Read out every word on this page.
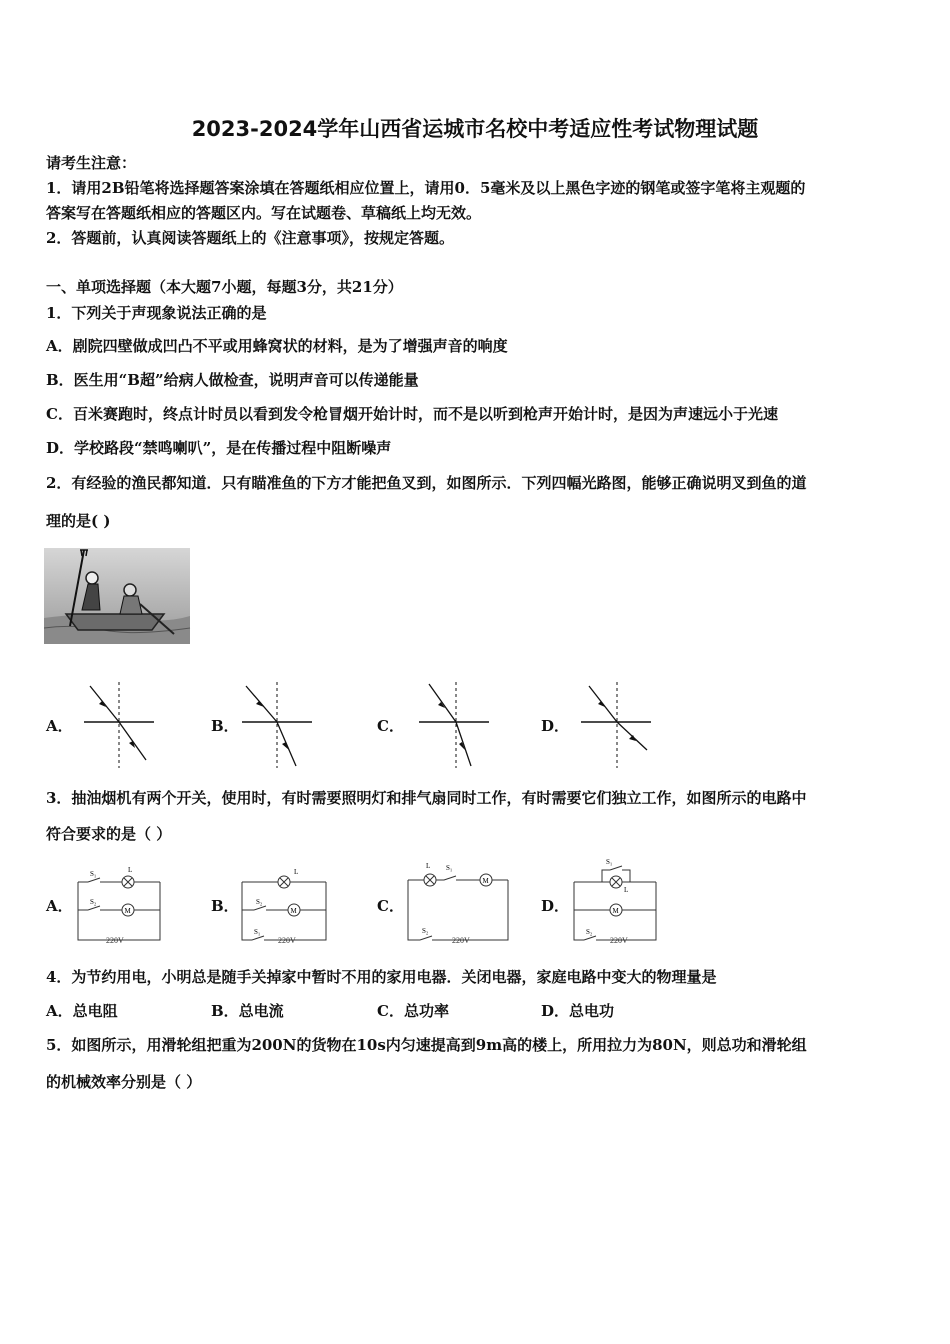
2023-2024学年山西省运城市名校中考适应性考试物理试题
请考生注意：
1．请用2B铅笔将选择题答案涂填在答题纸相应位置上，请用0．5毫米及以上黑色字迹的钢笔或签字笔将主观题的
答案写在答题纸相应的答题区内。写在试题卷、草稿纸上均无效。
2．答题前，认真阅读答题纸上的《注意事项》，按规定答题。
一、单项选择题（本大题7小题，每题3分，共21分）
1．下列关于声现象说法正确的是
A．剧院四壁做成凹凸不平或用蜂窝状的材料，是为了增强声音的响度
B．医生用“B超”给病人做检查，说明声音可以传递能量
C．百米赛跑时，终点计时员以看到发令枪冒烟开始计时，而不是以听到枪声开始计时，是因为声速远小于光速
D．学校路段“禁鸣喇叭”，是在传播过程中阻断噪声
2．有经验的渔民都知道．只有瞄准鱼的下方才能把鱼叉到，如图所示．下列四幅光路图，能够正确说明叉到鱼的道
理的是( )
A．	B．	C．	D．
3．抽油烟机有两个开关，使用时，有时需要照明灯和排气扇同时工作，有时需要它们独立工作，如图所示的电路中
符合要求的是（ ）
A．
S₁	L
S₂
M
220V
B．
L
S₂
M
S₁
220V
C．
L S₁
M
S₂
220V
D．
S₁
L
M
S₂
220V
4．为节约用电，小明总是随手关掉家中暂时不用的家用电器．关闭电器，家庭电路中变大的物理量是
A．总电阻	B．总电流	C．总功率	D．总电功
5．如图所示，用滑轮组把重为200N的货物在10s内匀速提高到9m高的楼上，所用拉力为80N，则总功和滑轮组
的机械效率分别是（ ）
